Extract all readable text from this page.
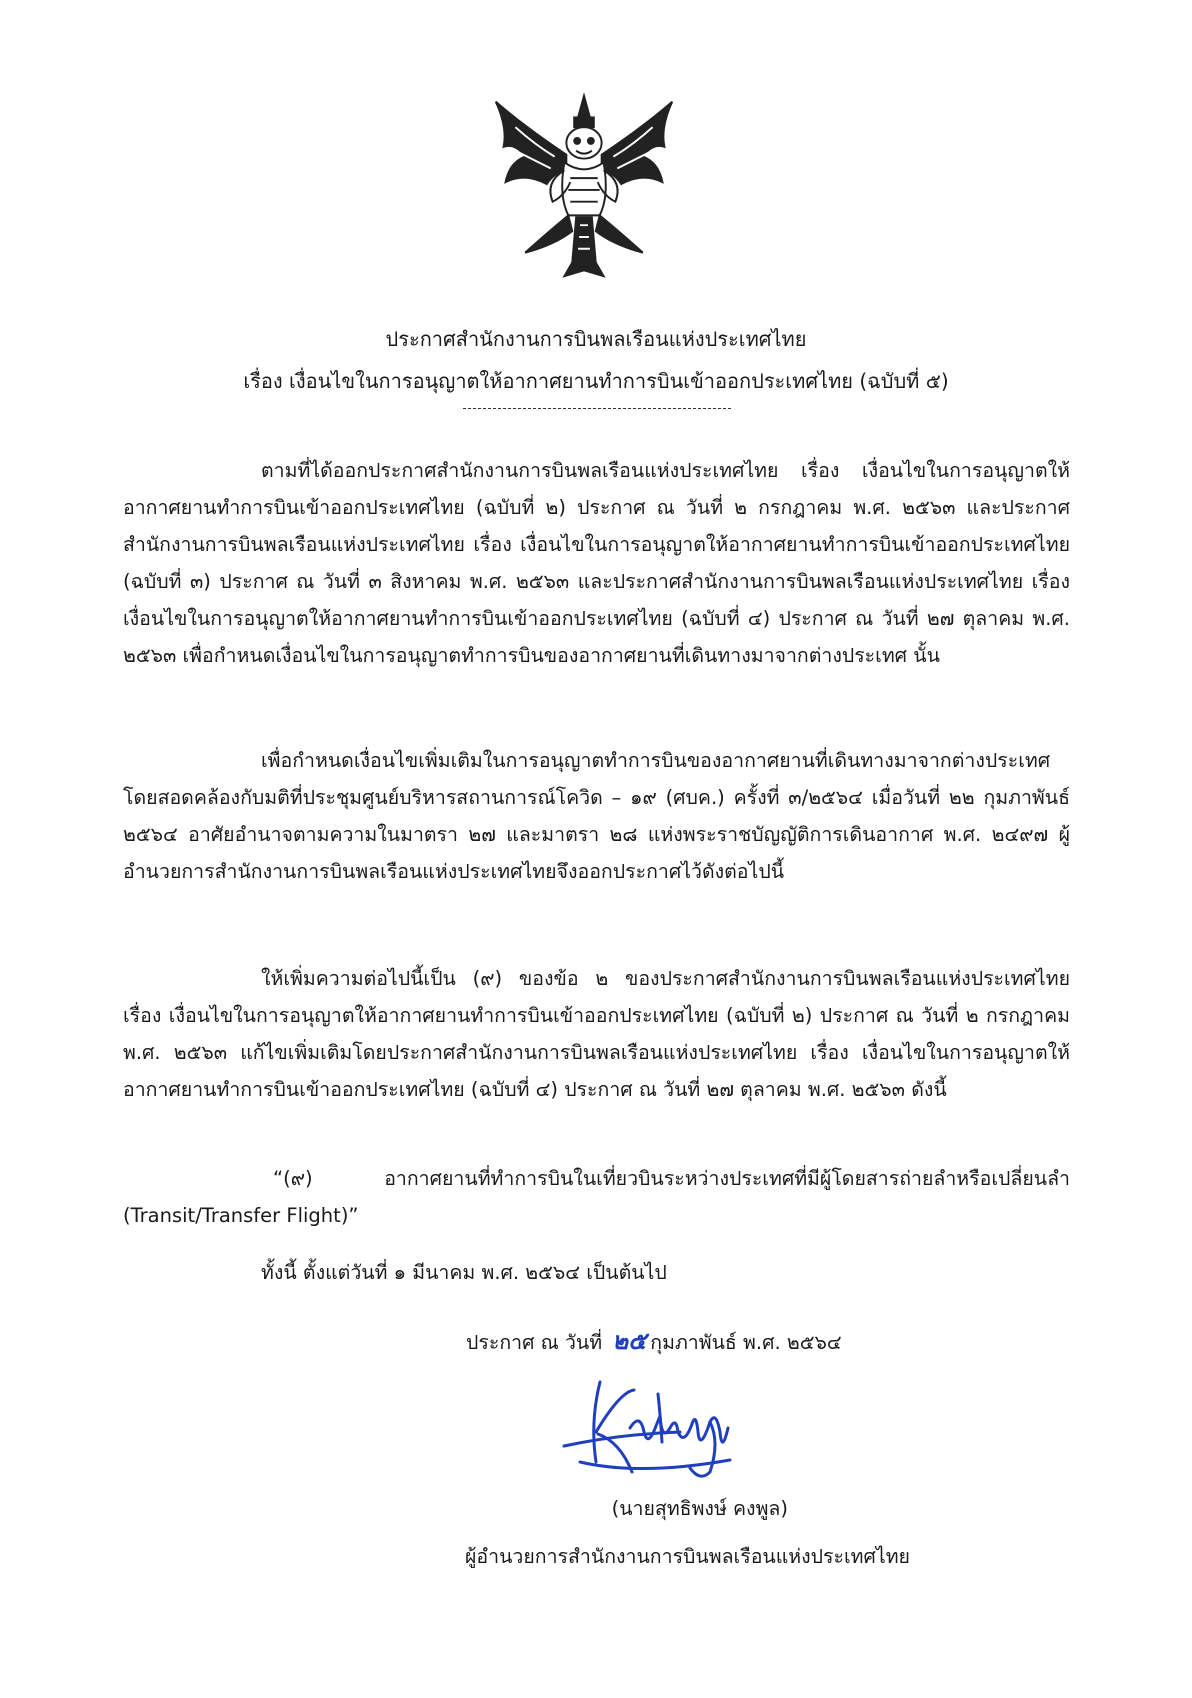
ประกาศสำนักงานการบินพลเรือนแห่งประเทศไทย

เรื่อง เงื่อนไขในการอนุญาตให้อากาศยานทำการบินเข้าออกประเทศไทย (ฉบับที่ ๕)

ตามที่ได้ออกประกาศสำนักงานการบินพลเรือนแห่งประเทศไทย เรื่อง เงื่อนไขในการอนุญาตให้อากาศยานทำการบินเข้าออกประเทศไทย (ฉบับที่ ๒) ประกาศ ณ วันที่ ๒ กรกฎาคม พ.ศ. ๒๕๖๓ และประกาศสำนักงานการบินพลเรือนแห่งประเทศไทย เรื่อง เงื่อนไขในการอนุญาตให้อากาศยานทำการบินเข้าออกประเทศไทย (ฉบับที่ ๓) ประกาศ ณ วันที่ ๓ สิงหาคม พ.ศ. ๒๕๖๓ และประกาศสำนักงานการบินพลเรือนแห่งประเทศไทย เรื่อง เงื่อนไขในการอนุญาตให้อากาศยานทำการบินเข้าออกประเทศไทย (ฉบับที่ ๔) ประกาศ ณ วันที่ ๒๗ ตุลาคม พ.ศ. ๒๕๖๓ เพื่อกำหนดเงื่อนไขในการอนุญาตทำการบินของอากาศยานที่เดินทางมาจากต่างประเทศ นั้น

เพื่อกำหนดเงื่อนไขเพิ่มเติมในการอนุญาตทำการบินของอากาศยานที่เดินทางมาจากต่างประเทศ โดยสอดคล้องกับมติที่ประชุมศูนย์บริหารสถานการณ์โควิด – ๑๙ (ศบค.) ครั้งที่ ๓/๒๕๖๔ เมื่อวันที่ ๒๒ กุมภาพันธ์ ๒๕๖๔ อาศัยอำนาจตามความในมาตรา ๒๗ และมาตรา ๒๘ แห่งพระราชบัญญัติการเดินอากาศ พ.ศ. ๒๔๙๗ ผู้อำนวยการสำนักงานการบินพลเรือนแห่งประเทศไทยจึงออกประกาศไว้ดังต่อไปนี้

ให้เพิ่มความต่อไปนี้เป็น (๙) ของข้อ ๒ ของประกาศสำนักงานการบินพลเรือนแห่งประเทศไทย เรื่อง เงื่อนไขในการอนุญาตให้อากาศยานทำการบินเข้าออกประเทศไทย (ฉบับที่ ๒) ประกาศ ณ วันที่ ๒ กรกฎาคม พ.ศ. ๒๕๖๓ แก้ไขเพิ่มเติมโดยประกาศสำนักงานการบินพลเรือนแห่งประเทศไทย เรื่อง เงื่อนไขในการอนุญาตให้อากาศยานทำการบินเข้าออกประเทศไทย (ฉบับที่ ๔) ประกาศ ณ วันที่ ๒๗ ตุลาคม พ.ศ. ๒๕๖๓ ดังนี้

“(๙) อากาศยานที่ทำการบินในเที่ยวบินระหว่างประเทศที่มีผู้โดยสารถ่ายลำหรือเปลี่ยนลำ (Transit/Transfer Flight)”

ทั้งนี้ ตั้งแต่วันที่ ๑ มีนาคม พ.ศ. ๒๕๖๔ เป็นต้นไป

ประกาศ ณ วันที่ ๒๕ กุมภาพันธ์ พ.ศ. ๒๕๖๔

(นายสุทธิพงษ์ คงพูล)

ผู้อำนวยการสำนักงานการบินพลเรือนแห่งประเทศไทย
